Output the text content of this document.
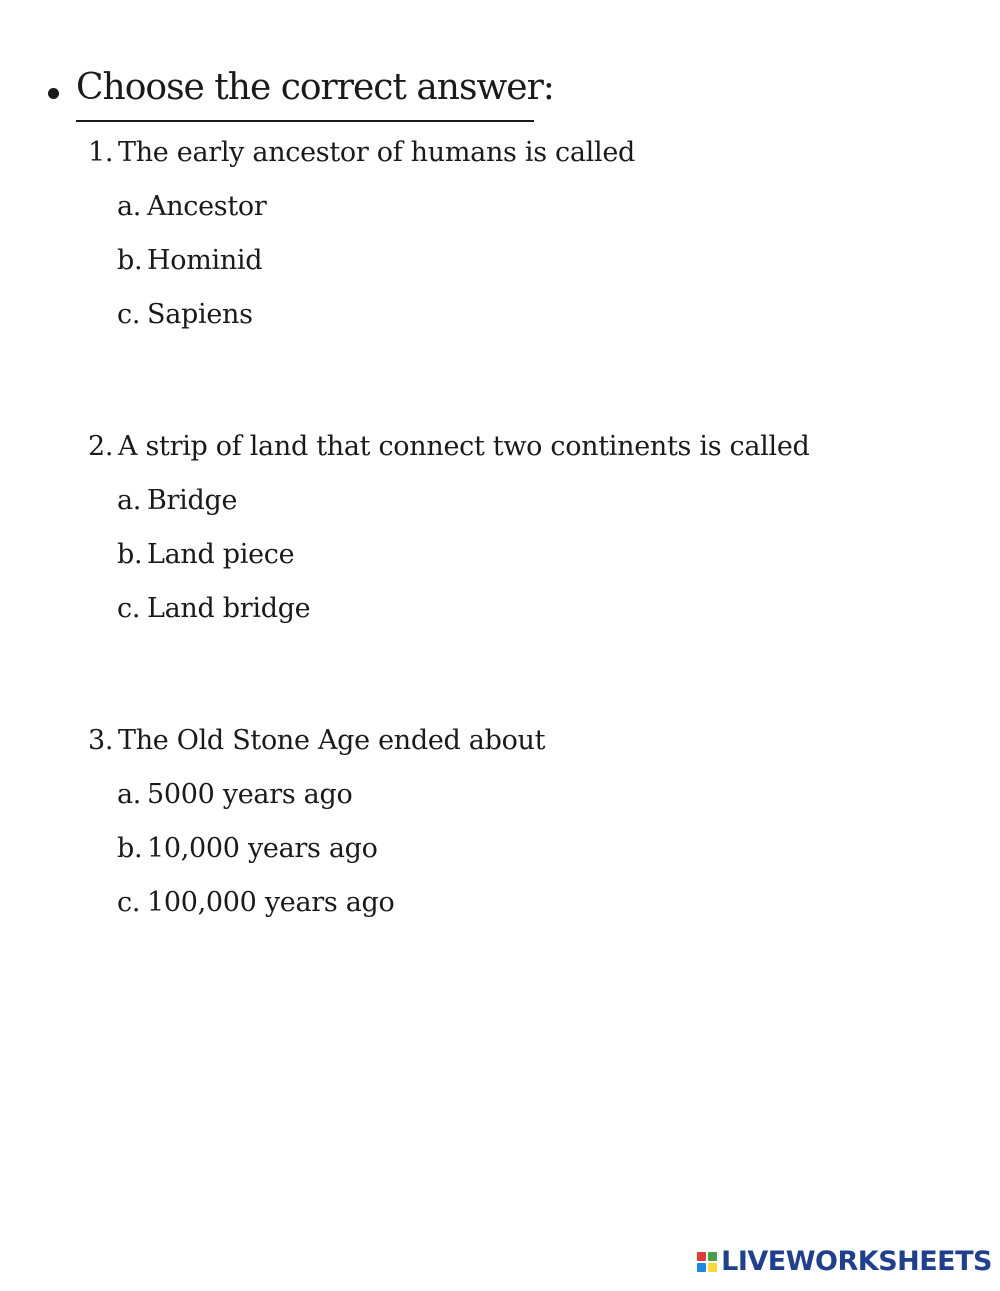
Choose the correct answer:
1. The early ancestor of humans is called
a. Ancestor
b. Hominid
c. Sapiens
2. A strip of land that connect two continents is called
a. Bridge
b. Land piece
c. Land bridge
3. The Old Stone Age ended about
a. 5000 years ago
b. 10,000 years ago
c. 100,000 years ago
LIVEWORKSHEETS
